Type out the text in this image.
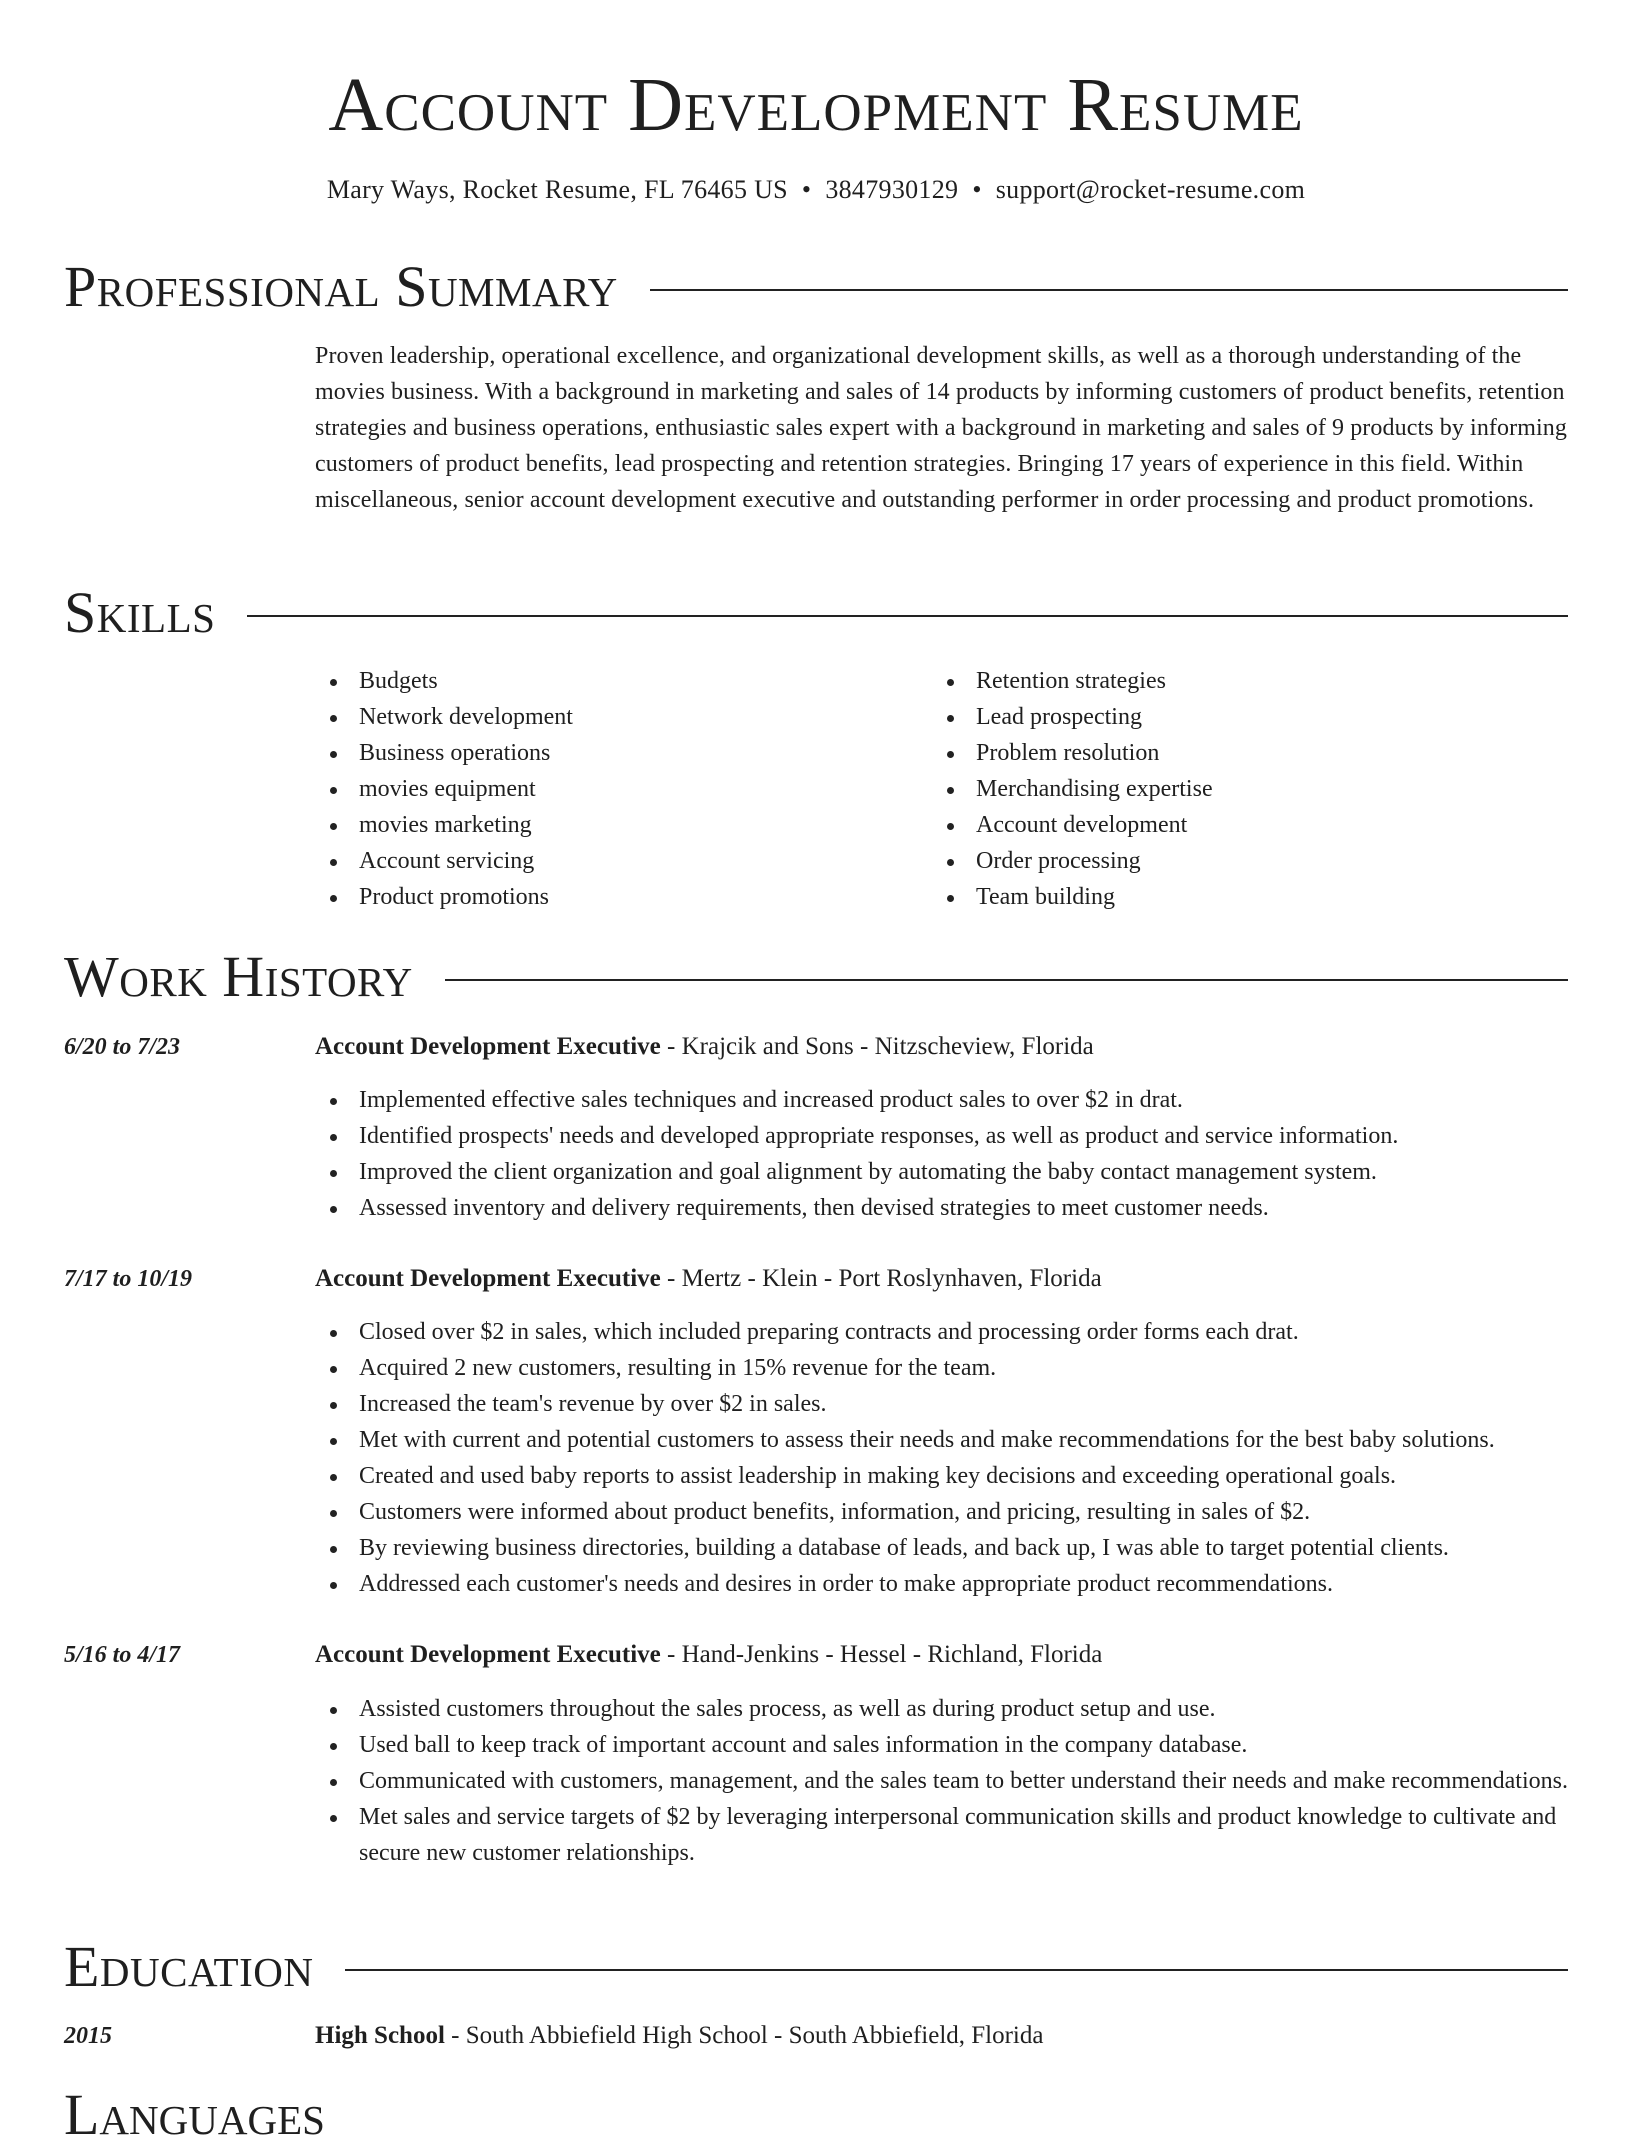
Account Development Resume
Mary Ways, Rocket Resume, FL 76465 US • 3847930129 • support@rocket-resume.com
Professional Summary

Proven leadership, operational excellence, and organizational development skills, as well as a thorough understanding of the movies business. With a background in marketing and sales of 14 products by informing customers of product benefits, retention strategies and business operations, enthusiastic sales expert with a background in marketing and sales of 9 products by informing customers of product benefits, lead prospecting and retention strategies. Bringing 17 years of experience in this field. Within miscellaneous, senior account development executive and outstanding performer in order processing and product promotions.

Skills
Budgets
Network development
Business operations
movies equipment
movies marketing
Account servicing
Product promotions
Retention strategies
Lead prospecting
Problem resolution
Merchandising expertise
Account development
Order processing
Team building
Work History
6/20 to 7/23	Account Development Executive - Krajcik and Sons - Nitzscheview, Florida
Implemented effective sales techniques and increased product sales to over $2 in drat.
Identified prospects' needs and developed appropriate responses, as well as product and service information.
Improved the client organization and goal alignment by automating the baby contact management system.
Assessed inventory and delivery requirements, then devised strategies to meet customer needs.
7/17 to 10/19	Account Development Executive - Mertz - Klein - Port Roslynhaven, Florida
Closed over $2 in sales, which included preparing contracts and processing order forms each drat.
Acquired 2 new customers, resulting in 15% revenue for the team.
Increased the team's revenue by over $2 in sales.
Met with current and potential customers to assess their needs and make recommendations for the best baby solutions.
Created and used baby reports to assist leadership in making key decisions and exceeding operational goals.
Customers were informed about product benefits, information, and pricing, resulting in sales of $2.
By reviewing business directories, building a database of leads, and back up, I was able to target potential clients.
Addressed each customer's needs and desires in order to make appropriate product recommendations.
5/16 to 4/17	Account Development Executive - Hand-Jenkins - Hessel - Richland, Florida
Assisted customers throughout the sales process, as well as during product setup and use.
Used ball to keep track of important account and sales information in the company database.
Communicated with customers, management, and the sales team to better understand their needs and make recommendations.
Met sales and service targets of $2 by leveraging interpersonal communication skills and product knowledge to cultivate and secure new customer relationships.
Education
2015	High School - South Abbiefield High School - South Abbiefield, Florida
Languages
